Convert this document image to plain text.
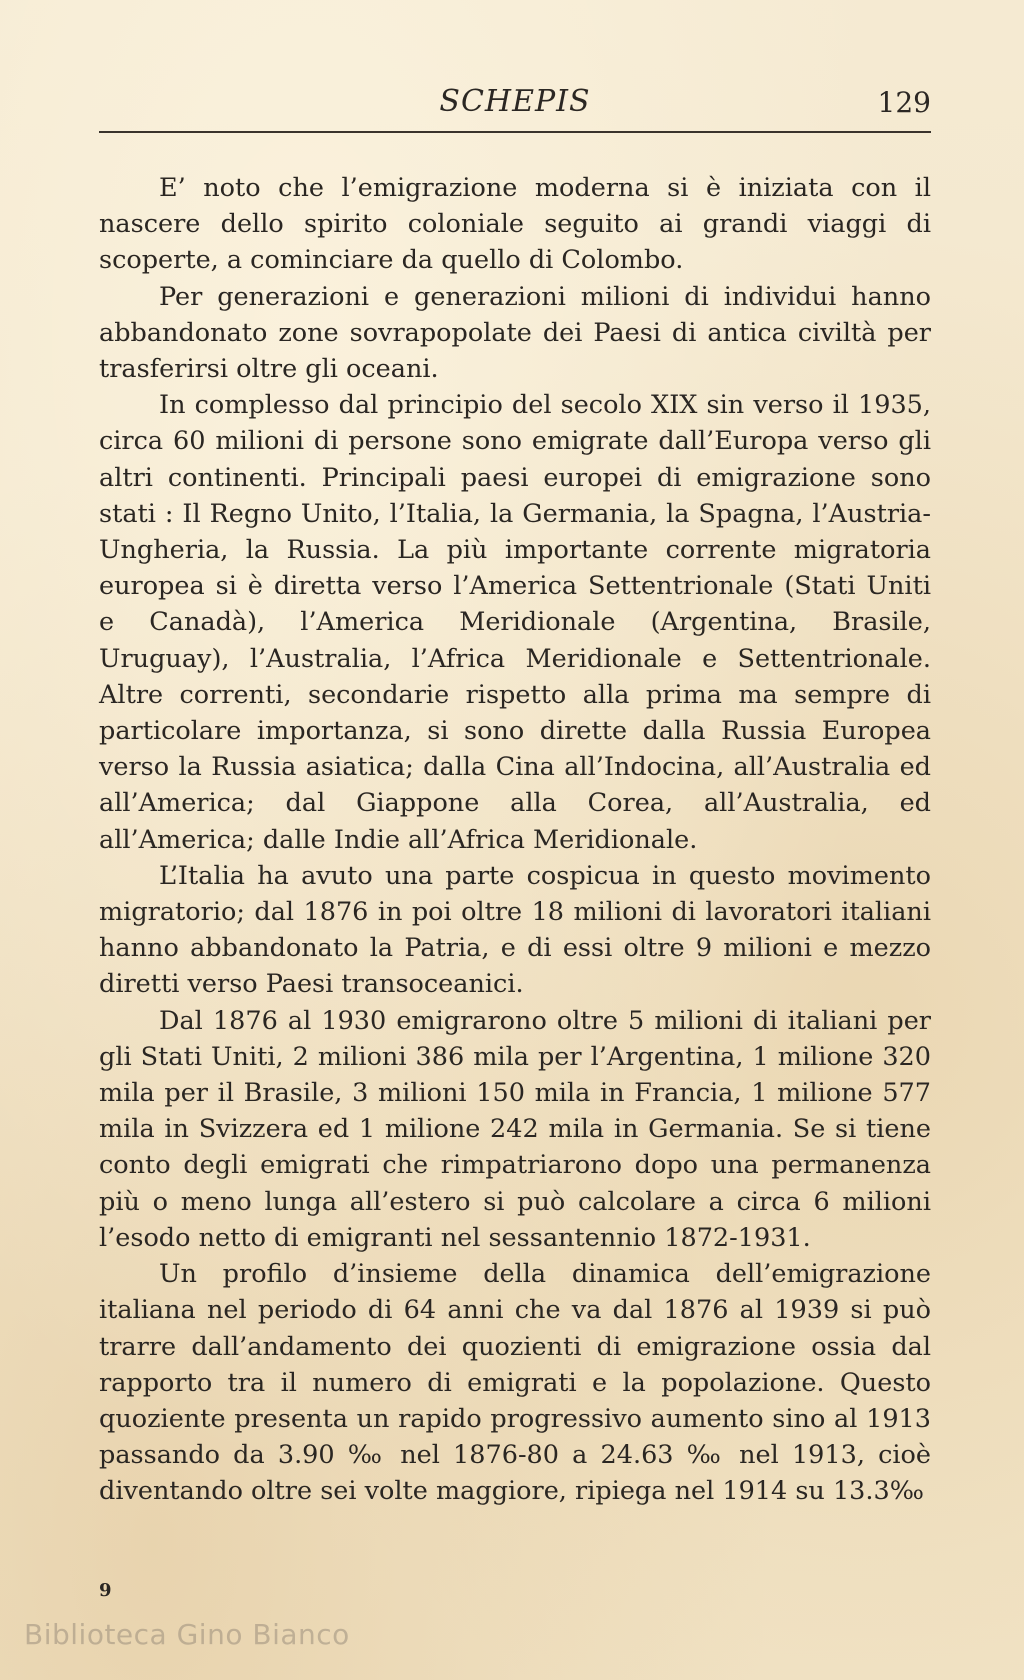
SCHEPIS	129

E’ noto che l’emigrazione moderna si è iniziata con il nascere dello spirito coloniale seguito ai grandi viaggi di scoperte, a cominciare da quello di Colombo.

Per generazioni e generazioni milioni di individui hanno abbandonato zone sovrapopolate dei Paesi di antica civiltà per trasferirsi oltre gli oceani.

In complesso dal principio del secolo XIX sin verso il 1935, circa 60 milioni di persone sono emigrate dall’Europa verso gli altri continenti. Principali paesi europei di emigrazione sono stati : Il Regno Unito, l’Italia, la Germania, la Spagna, l’Austria-Ungheria, la Russia. La più importante corrente migratoria europea si è diretta verso l’America Settentrionale (Stati Uniti e Canadà), l’America Meridionale (Argentina, Brasile, Uruguay), l’Australia, l’Africa Meridionale e Settentrionale. Altre correnti, secondarie rispetto alla prima ma sempre di particolare importanza, si sono dirette dalla Russia Europea verso la Russia asiatica; dalla Cina all’Indocina, all’Australia ed all’America; dal Giappone alla Corea, all’Australia, ed all’America; dalle Indie all’Africa Meridionale.

L’Italia ha avuto una parte cospicua in questo movimento migratorio; dal 1876 in poi oltre 18 milioni di lavoratori italiani hanno abbandonato la Patria, e di essi oltre 9 milioni e mezzo diretti verso Paesi transoceanici.

Dal 1876 al 1930 emigrarono oltre 5 milioni di italiani per gli Stati Uniti, 2 milioni 386 mila per l’Argentina, 1 milione 320 mila per il Brasile, 3 milioni 150 mila in Francia, 1 milione 577 mila in Svizzera ed 1 milione 242 mila in Germania. Se si tiene conto degli emigrati che rimpatriarono dopo una permanenza più o meno lunga all’estero si può calcolare a circa 6 milioni l’esodo netto di emigranti nel sessantennio 1872-1931.

Un profilo d’insieme della dinamica dell’emigrazione italiana nel periodo di 64 anni che va dal 1876 al 1939 si può trarre dall’andamento dei quozienti di emigrazione ossia dal rapporto tra il numero di emigrati e la popolazione. Questo quoziente presenta un rapido progressivo aumento sino al 1913 passando da 3.90 ‰ nel 1876-80 a 24.63 ‰ nel 1913, cioè diventando oltre sei volte maggiore, ripiega nel 1914 su 13.3‰

9
Biblioteca Gino Bianco
